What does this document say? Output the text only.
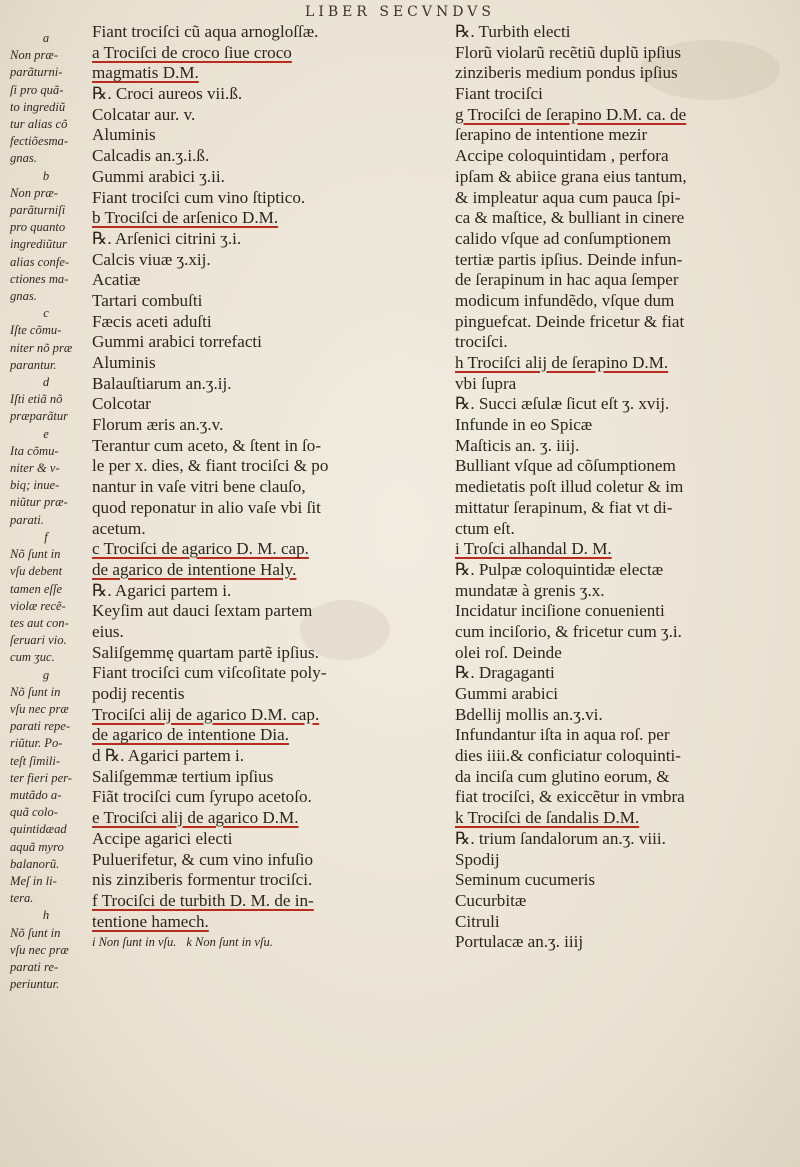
LIBER SECVNDVS
a
Non præ-
parãturni-
ſi pro quã-
to ingrediũ
tur alias cõ
fectiõesma-
gnas.
b
Non præ-
parãturniſi
pro quanto
ingrediũtur
alias confe-
ctiones ma-
gnas.
c
Iſte cõmu-
niter nõ præ
parantur.
d
Iſti etiã nõ
præparãtur
e
Ita cõmu-
niter & v-
biq; inue-
niũtur præ-
parati.
f
Nõ ſunt in
vſu debent
tamen eſſe
violæ recẽ-
tes aut con-
ſeruari vio.
cum ʒuc.
g
Nõ ſunt in
vſu nec præ
parati repe-
riũtur. Po-
teſt ſimili-
ter fieri per-
mutãdo a-
quã colo-
quintidæad
aquã myro
balanorũ.
Meſ in li-
tera.
h
Nõ ſunt in
vſu nec præ
parati re-
periuntur.
Fiant trociſci cũ aqua arnogloſſæ.
a Trociſci de croco ſiue croco
magmatis D.M.
℞. Croci aureos vii.ß.
Colcatar aur. v.
Aluminis
Calcadis an.ʒ.i.ß.
Gummi arabici ʒ.ii.
Fiant trociſci cum vino ſtiptico.
b Trociſci de arſenico D.M.
℞. Arſenici citrini ʒ.i.
Calcis viuæ ʒ.xij.
Acatiæ
Tartari combuſti
Fæcis aceti aduſti
Gummi arabici torrefacti
Aluminis
Balauſtiarum an.ʒ.ij.
Colcotar
Florum æris an.ʒ.v.
Terantur cum aceto, & ſtent in ſo-
le per x. dies, & fiant trociſci & po
nantur in vaſe vitri bene clauſo,
quod reponatur in alio vaſe vbi ſit
acetum.
c Trociſci de agarico D. M. cap.
de agarico de intentione Haly.
℞. Agarici partem i.
Keyſim aut dauci ſextam partem
eius.
Saliſgemmę quartam partẽ ipſius.
Fiant trociſci cum viſcoſitate poly-
podij recentis
Trociſci alij de agarico D.M. cap.
de agarico de intentione Dia.
d ℞. Agarici partem i.
Saliſgemmæ tertium ipſius
Fiãt trociſci cum ſyrupo acetoſo.
e Trociſci alij de agarico D.M.
Accipe agarici electi
Puluerifetur, & cum vino infuſio
nis zinziberis formentur trociſci.
f Trociſci de turbith D. M. de in-
tentione hamech.
i Non ſunt in vſu. k Non ſunt in vſu.
℞. Turbith electi
Florũ violarũ recẽtiũ duplũ ipſius
zinziberis medium pondus ipſius
Fiant trociſci
g Trociſci de ſerapino D.M. ca. de
ſerapino de intentione mezir
Accipe coloquintidam , perfora
ipſam & abiice grana eius tantum,
& impleatur aqua cum pauca ſpi-
ca & maſtice, & bulliant in cinere
calido vſque ad conſumptionem
tertiæ partis ipſius. Deinde infun-
de ſerapinum in hac aqua ſemper
modicum infundẽdo, vſque dum
pinguefcat. Deinde fricetur & fiat
trociſci.
h Trociſci alij de ſerapino D.M.
vbi ſupra
℞. Succi æſulæ ſicut eſt ʒ. xvij.
Infunde in eo Spicæ
Maſticis an. ʒ. iiij.
Bulliant vſque ad cõſumptionem
medietatis poſt illud coletur & im
mittatur ſerapinum, & fiat vt di-
ctum eſt.
i Troſci alhandal D. M.
℞. Pulpæ coloquintidæ electæ
mundatæ à grenis ʒ.x.
Incidatur inciſione conuenienti
cum inciſorio, & fricetur cum ʒ.i.
olei roſ. Deinde
℞. Dragaganti
Gummi arabici
Bdellij mollis an.ʒ.vi.
Infundantur iſta in aqua roſ. per
dies iiii.& conficiatur coloquinti-
da inciſa cum glutino eorum, &
fiat trociſci, & exiccẽtur in vmbra
k Trociſci de ſandalis D.M.
℞. trium ſandalorum an.ʒ. viii.
Spodij
Seminum cucumeris
Cucurbitæ
Citruli
Portulacæ an.ʒ. iiij
